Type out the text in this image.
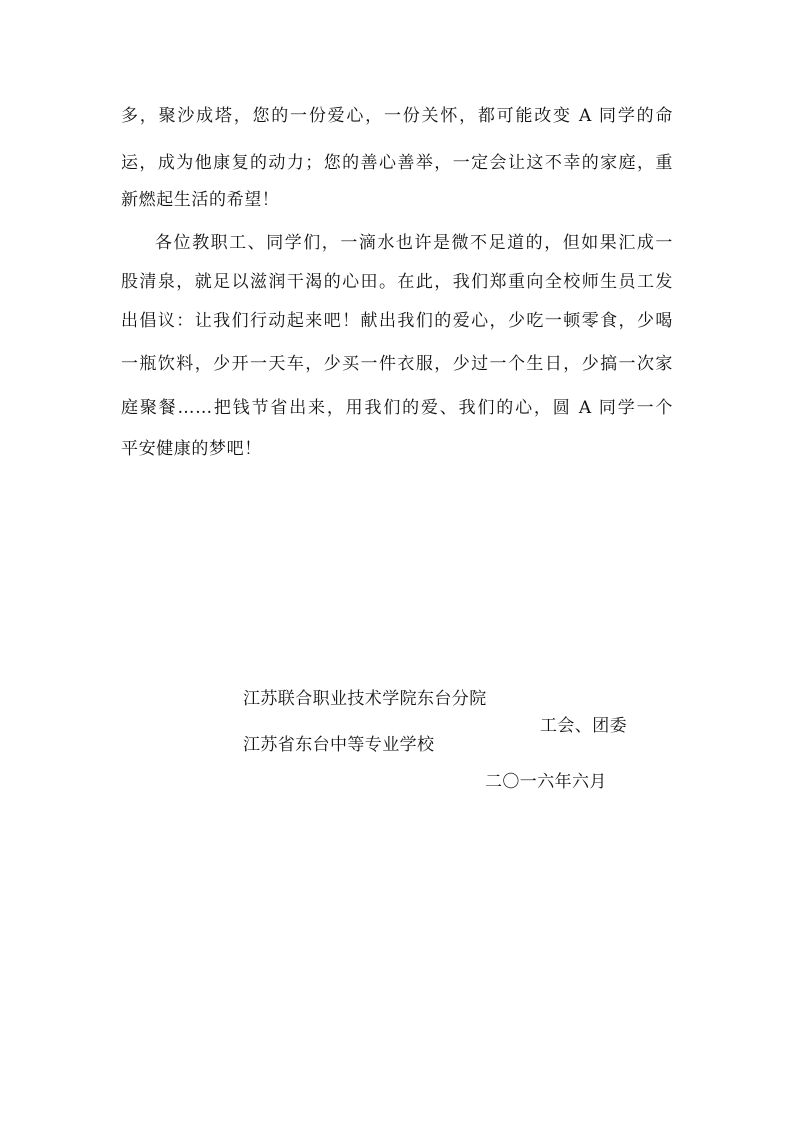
多，聚沙成塔，您的一份爱心，一份关怀，都可能改变 A 同学的命
运，成为他康复的动力；您的善心善举，一定会让这不幸的家庭，重
新燃起生活的希望！
各位教职工、同学们，一滴水也许是微不足道的，但如果汇成一
股清泉，就足以滋润干渴的心田。在此，我们郑重向全校师生员工发
出倡议：让我们行动起来吧！献出我们的爱心，少吃一顿零食，少喝
一瓶饮料，少开一天车，少买一件衣服，少过一个生日，少搞一次家
庭聚餐……把钱节省出来，用我们的爱、我们的心，圆 A 同学一个
平安健康的梦吧！
江苏联合职业技术学院东台分院
工会、团委
江苏省东台中等专业学校
二〇一六年六月
